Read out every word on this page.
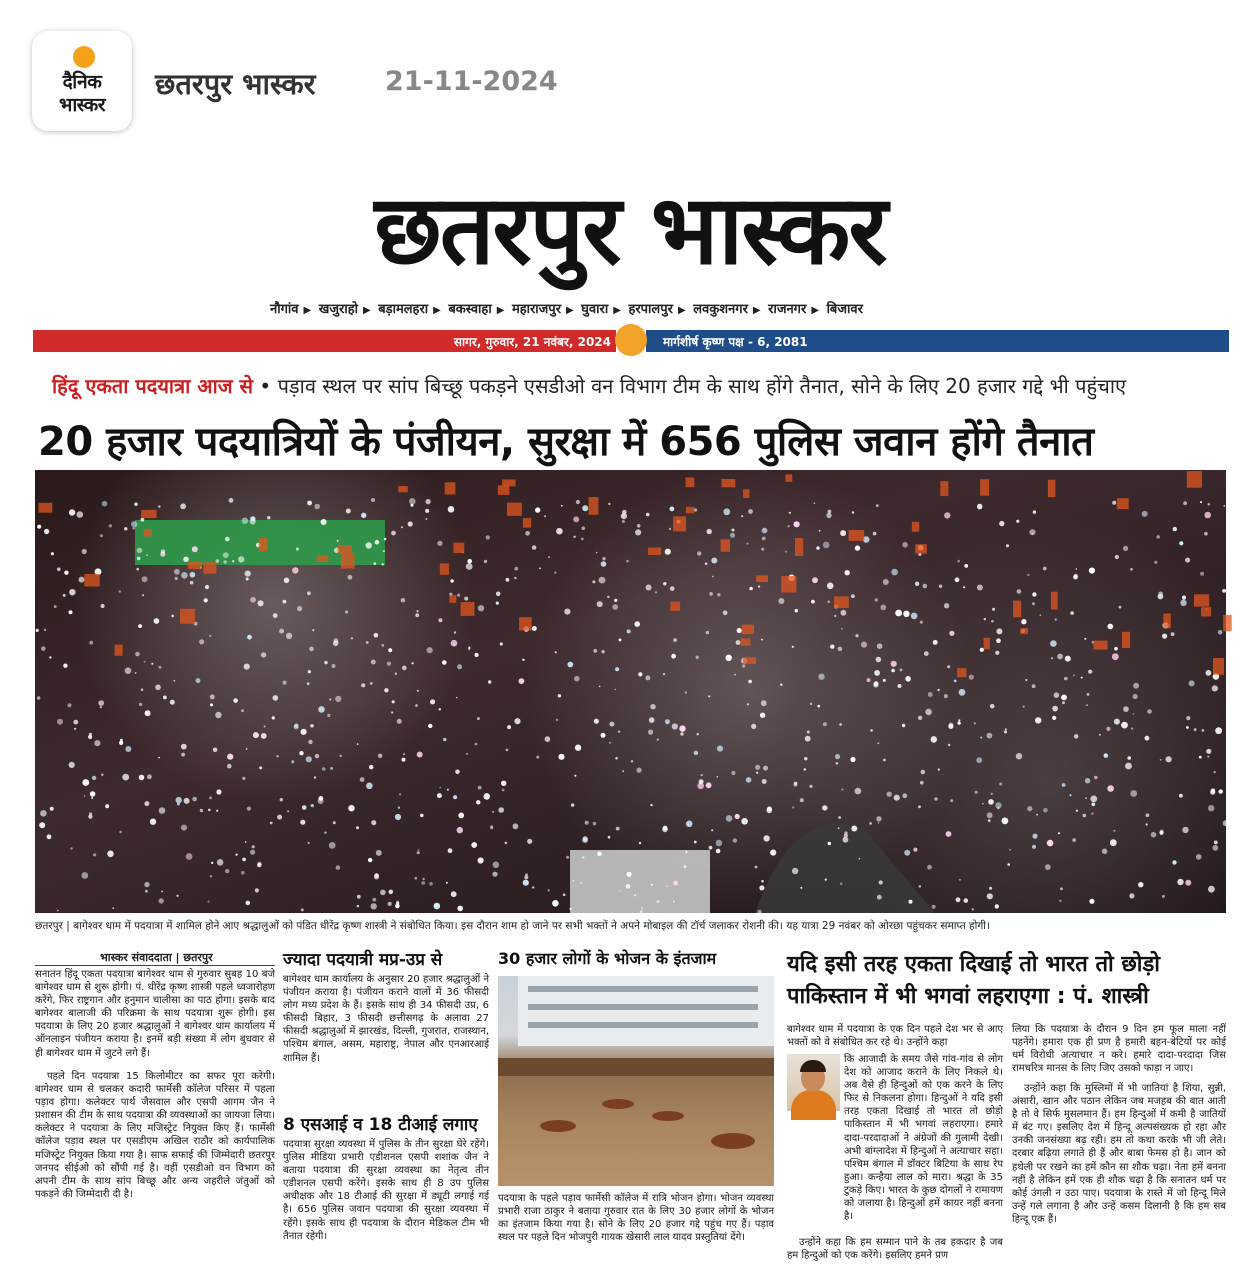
दैनिक
भास्कर
छतरपुर भास्कर	21-11-2024
छतरपुर भास्कर
नौगांव ▶ खजुराहो ▶ बड़ामलहरा ▶ बकस्वाहा ▶ महाराजपुर ▶ घुवारा ▶ हरपालपुर ▶ लवकुशनगर ▶ राजनगर ▶ बिजावर
सागर, गुरुवार, 21 नवंबर, 2024	मार्गशीर्ष कृष्ण पक्ष - 6, 2081
हिंदू एकता पदयात्रा आज से • पड़ाव स्थल पर सांप बिच्छू पकड़ने एसडीओ वन विभाग टीम के साथ होंगे तैनात, सोने के लिए 20 हजार गद्दे भी पहुंचाए
20 हजार पदयात्रियों के पंजीयन, सुरक्षा में 656 पुलिस जवान होंगे तैनात
छतरपुर | बागेश्वर धाम में पदयात्रा में शामिल होने आए श्रद्धालुओं को पंडित धीरेंद्र कृष्ण शास्त्री ने संबोधित किया। इस दौरान शाम हो जाने पर सभी भक्तों ने अपने मोबाइल की टॉर्च जलाकर रोशनी की। यह यात्रा 29 नवंबर को ओरछा पहुंचकर समाप्त होगी।
भास्कर संवाददाता | छतरपुर
सनातन हिंदू एकता पदयात्रा बागेश्वर धाम से गुरुवार सुबह 10 बजे बागेश्वर धाम से शुरू होगी। पं. धीरेंद्र कृष्ण शास्त्री पहले ध्वजारोहण करेंगे, फिर राष्ट्रगान और हनुमान चालीसा का पाठ होगा। इसके बाद बागेश्वर बालाजी की परिक्रमा के साथ पदयात्रा शुरू होगी। इस पदयात्रा के लिए 20 हजार श्रद्धालुओं ने बागेश्वर धाम कार्यालय में ऑनलाइन पंजीयन कराया है। इनमें बड़ी संख्या में लोग बुधवार से ही बागेश्वर धाम में जुटने लगे हैं।
पहले दिन पदयात्रा 15 किलोमीटर का सफर पूरा करेगी। बागेश्वर धाम से चलकर कदारी फार्मेसी कॉलेज परिसर में पहला पड़ाव होगा। कलेक्टर पार्थ जैसवाल और एसपी आगम जैन ने प्रशासन की टीम के साथ पदयात्रा की व्यवस्थाओं का जायजा लिया। कलेक्टर ने पदयात्रा के लिए मजिस्ट्रेट नियुक्त किए हैं। फार्मेसी कॉलेज पड़ाव स्थल पर एसडीएम अखिल राठौर को कार्यपालिक मजिस्ट्रेट नियुक्त किया गया है। साफ सफाई की जिम्मेदारी छतरपुर जनपद सीईओ को सौंपी गई है। वहीं एसडीओ वन विभाग को अपनी टीम के साथ सांप बिच्छू और अन्य जहरीले जंतुओं को पकड़ने की जिम्मेदारी दी है।
ज्यादा पदयात्री मप्र-उप्र से
बागेश्वर धाम कार्यालय के अनुसार 20 हजार श्रद्धालुओं ने पंजीयन कराया है। पंजीयन कराने वालों में 36 फीसदी लोग मध्य प्रदेश के हैं। इसके साथ ही 34 फीसदी उप्र, 6 फीसदी बिहार, 3 फीसदी छत्तीसगढ़ के अलावा 27 फीसदी श्रद्धालुओं में झारखंड, दिल्ली, गुजरात, राजस्थान, पश्चिम बंगाल, असम, महाराष्ट्र, नेपाल और एनआरआई शामिल हैं।
8 एसआई व 18 टीआई लगाए
पदयात्रा सुरक्षा व्यवस्था में पुलिस के तीन सुरक्षा घेरे रहेंगे। पुलिस मीडिया प्रभारी एडीशनल एसपी शशांक जैन ने बताया पदयात्रा की सुरक्षा व्यवस्था का नेतृत्व तीन एडीशनल एसपी करेंगे। इसके साथ ही 8 उप पुलिस अधीक्षक और 18 टीआई की सुरक्षा में ड्यूटी लगाई गई है। 656 पुलिस जवान पदयात्रा की सुरक्षा व्यवस्था में रहेंगे। इसके साथ ही पदयात्रा के दौरान मेडिकल टीम भी तैनात रहेगी।
30 हजार लोगों के भोजन के इंतजाम
पदयात्रा के पहले पड़ाव फार्मेसी कॉलेज में रात्रि भोजन होगा। भोजन व्यवस्था प्रभारी राजा ठाकुर ने बताया गुरुवार रात के लिए 30 हजार लोगों के भोजन का इंतजाम किया गया है। सोने के लिए 20 हजार गद्दे पहुंच गए हैं। पड़ाव स्थल पर पहले दिन भोजपुरी गायक खेसारी लाल यादव प्रस्तुतियां देंगे।
यदि इसी तरह एकता दिखाई तो भारत तो छोड़ो
पाकिस्तान में भी भगवां लहराएगा : पं. शास्त्री
बागेश्वर धाम में पदयात्रा के एक दिन पहले देश भर से आए भक्तों को वे संबोधित कर रहे थे। उन्होंने कहा
कि आजादी के समय जैसे गांव-गांव से लोग देश को आजाद कराने के लिए निकले थे। अब वैसे ही हिन्दुओं को एक करने के लिए फिर से निकलना होगा। हिन्दुओं ने यदि इसी तरह एकता दिखाई तो भारत तो छोड़ो पाकिस्तान में भी भगवां लहराएगा। हमारे दादा-परदादाओं ने अंग्रेजों की गुलामी देखी। अभी बांग्लादेश में हिन्दुओं ने अत्याचार सहा। पश्चिम बंगाल में डॉक्टर बिटिया के साथ रेप हुआ। कन्हैया लाल को मारा। श्रद्धा के 35 टुकड़े किए। भारत के कुछ दोगलों ने रामायण को जलाया है। हिन्दुओं हमें कायर नहीं बनना है।
उन्होंने कहा कि हम सम्मान पाने के तब हकदार है जब हम हिन्दुओं को एक करेंगे। इसलिए हमने प्रण
लिया कि पदयात्रा के दौरान 9 दिन हम फूल माला नहीं पहनेंगे। हमारा एक ही प्रण है हमारी बहन-बेटियों पर कोई धर्म विरोधी अत्याचार न करे। हमारे दादा-परदादा जिस रामचरित्र मानस के लिए जिए उसको फाड़ा न जाए।
उन्होंने कहा कि मुस्लिमों में भी जातियां है शिया, सुन्नी, अंसारी, खान और पठान लेकिन जब मजहब की बात आती है तो वे सिर्फ मुसलमान हैं। हम हिन्दुओं में कमी है जातियों में बंट गए। इसलिए देश में हिन्दू अल्पसंख्यक हो रहा और उनकी जनसंख्या बढ़ रही। हम तो कथा करके भी जी लेते। दरबार बढ़िया लगाते ही हैं और बाबा फेमस हो है। जान को हथेली पर रखने का हमें कौन सा शौक चढ़ा। नेता हमें बनना नहीं है लेकिन हमें एक ही शौक चढ़ा है कि सनातन धर्म पर कोई उंगली न उठा पाए। पदयात्रा के रास्ते में जो हिन्दू मिले उन्हें गले लगाना है और उन्हें कसम दिलानी है कि हम सब हिन्दू एक हैं।
